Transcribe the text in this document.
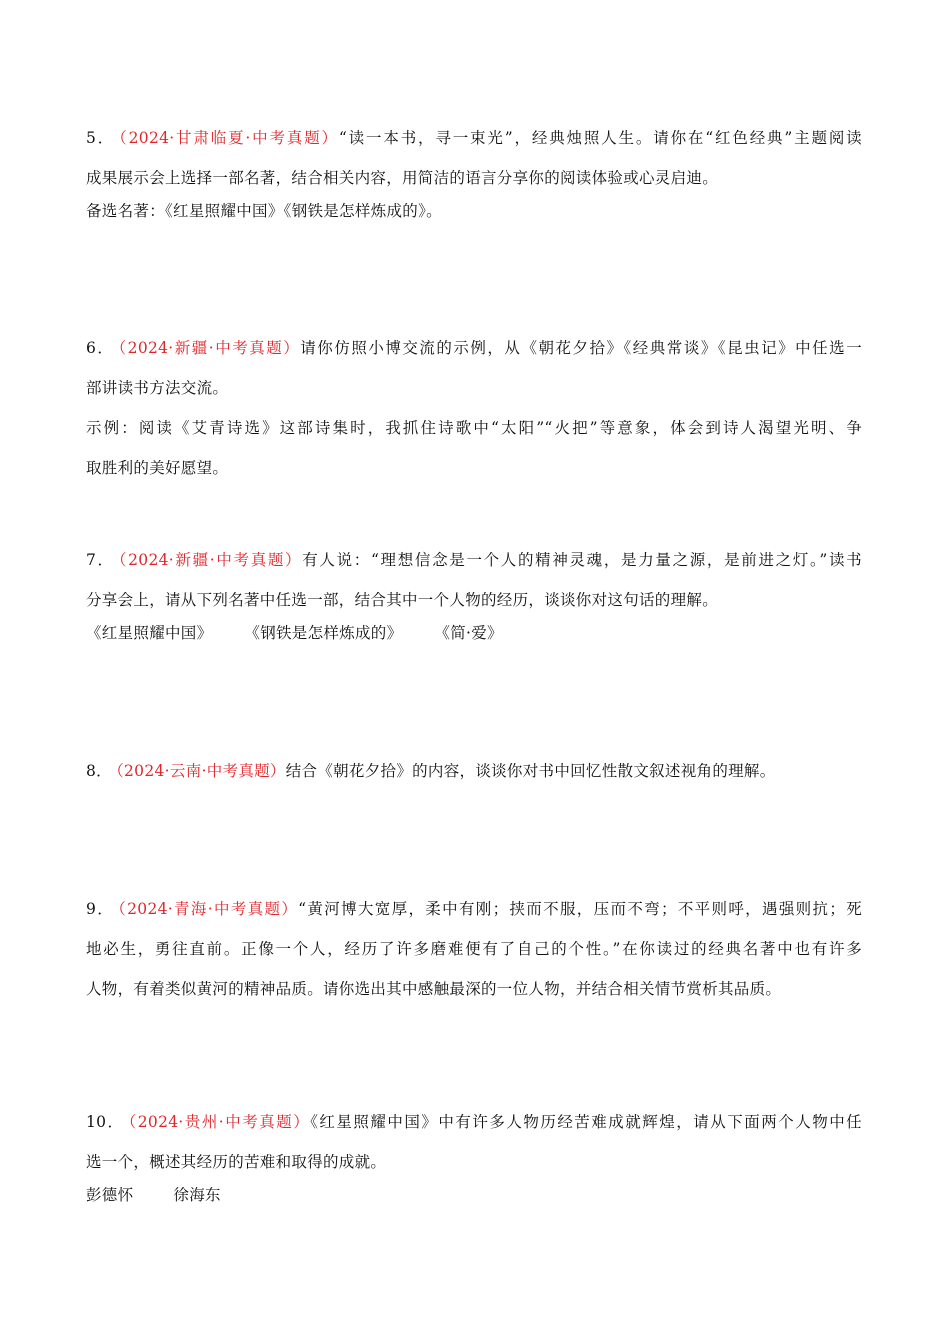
5． （2024·甘肃临夏·中考真题）“读一本书，寻一束光”，经典烛照人生。请你在“红色经典”主题阅读
成果展示会上选择一部名著，结合相关内容，用简洁的语言分享你的阅读体验或心灵启迪。
备选名著：《红星照耀中国》《钢铁是怎样炼成的》。
6． （2024·新疆·中考真题）请你仿照小博交流的示例，从《朝花夕拾》《经典常谈》《昆虫记》中任选一
部讲读书方法交流。
示例：阅读《艾青诗选》这部诗集时，我抓住诗歌中“太阳”“火把”等意象，体会到诗人渴望光明、争
取胜利的美好愿望。
7． （2024·新疆·中考真题）有人说：“理想信念是一个人的精神灵魂，是力量之源，是前进之灯。”读书
分享会上，请从下列名著中任选一部，结合其中一个人物的经历，谈谈你对这句话的理解。
《红星照耀中国》 《钢铁是怎样炼成的》 《简·爱》
8． （2024·云南·中考真题）结合《朝花夕拾》的内容，谈谈你对书中回忆性散文叙述视角的理解。
9． （2024·青海·中考真题）“黄河博大宽厚，柔中有刚；挟而不服，压而不弯；不平则呼，遇强则抗；死
地必生，勇往直前。正像一个人，经历了许多磨难便有了自己的个性。”在你读过的经典名著中也有许多
人物，有着类似黄河的精神品质。请你选出其中感触最深的一位人物，并结合相关情节赏析其品质。
10． （2024·贵州·中考真题）《红星照耀中国》中有许多人物历经苦难成就辉煌，请从下面两个人物中任
选一个，概述其经历的苦难和取得的成就。
彭德怀	徐海东
